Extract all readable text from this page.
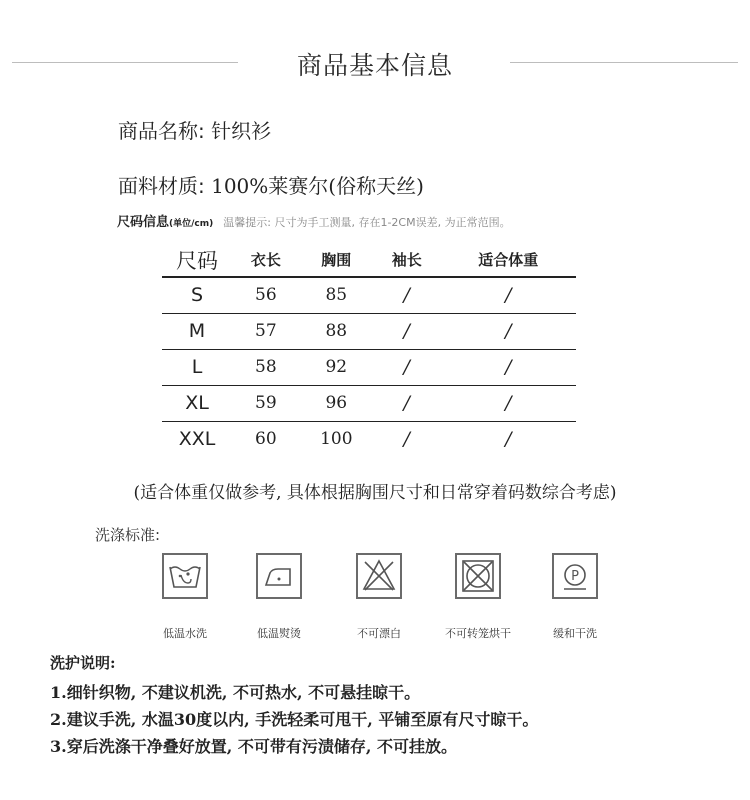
商品基本信息
商品名称: 针织衫
面料材质: 100%莱赛尔(俗称天丝)
尺码信息(单位/cm) 温馨提示: 尺寸为手工测量, 存在1-2CM误差, 为正常范围。
尺码	衣长	胸围	袖长	适合体重
S	56	85	/	/
M	57	88	/	/
L	58	92	/	/
XL	59	96	/	/
XXL	60	100	/	/
(适合体重仅做参考, 具体根据胸围尺寸和日常穿着码数综合考虑)
洗涤标准:
P
低温水洗	低温熨烫	不可漂白	不可转笼烘干	缓和干洗
洗护说明:
1.细针织物, 不建议机洗, 不可热水, 不可悬挂晾干。
2.建议手洗, 水温30度以内, 手洗轻柔可甩干, 平铺至原有尺寸晾干。
3.穿后洗涤干净叠好放置, 不可带有污渍储存, 不可挂放。
